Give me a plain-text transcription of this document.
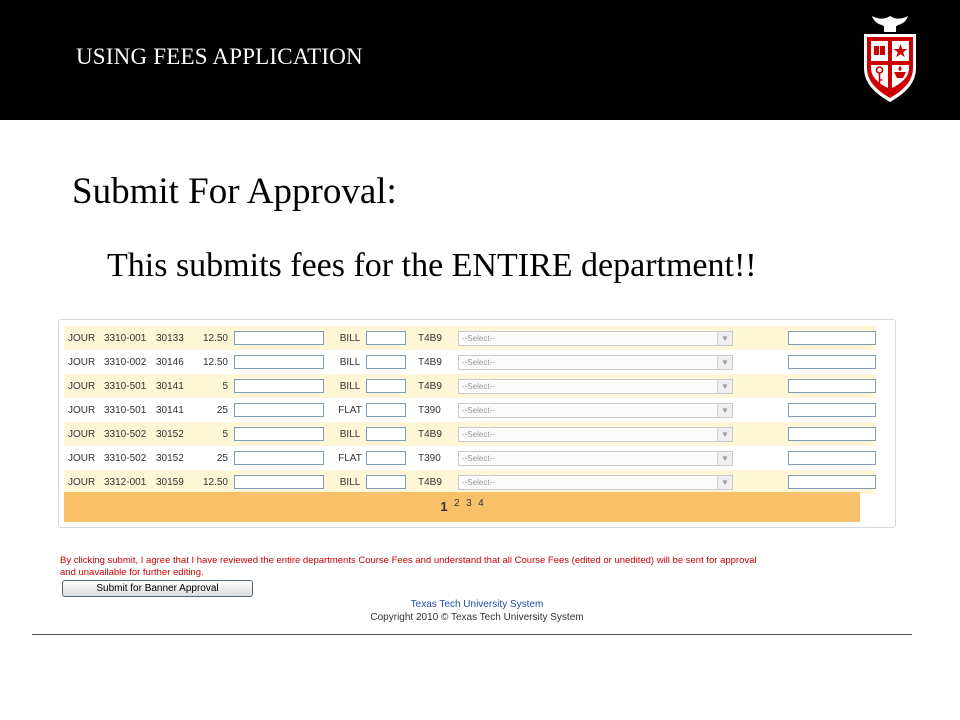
USING FEES APPLICATION
Submit For Approval:
This submits fees for the ENTIRE department!!
JOUR	3310-001	30133	12.50		BILL		T4B9	--Select-- ▼	

JOUR	3310-002	30146	12.50		BILL		T4B9	--Select-- ▼	

JOUR	3310-501	30141	5		BILL		T4B9	--Select-- ▼	

JOUR	3310-501	30141	25		FLAT		T390	--Select-- ▼	

JOUR	3310-502	30152	5		BILL		T4B9	--Select-- ▼	

JOUR	3310-502	30152	25		FLAT		T390	--Select-- ▼	

JOUR	3312-001	30159	12.50		BILL		T4B9	--Select-- ▼	

1 $^2$ $^3$ $^4$
By clicking submit, I agree that I have reviewed the entire departments Course Fees and understand that all Course Fees (edited or unedited) will be sent for approval and unavailable for further editing.
Submit for Banner Approval
Texas Tech University System
Copyright 2010 © Texas Tech University System
